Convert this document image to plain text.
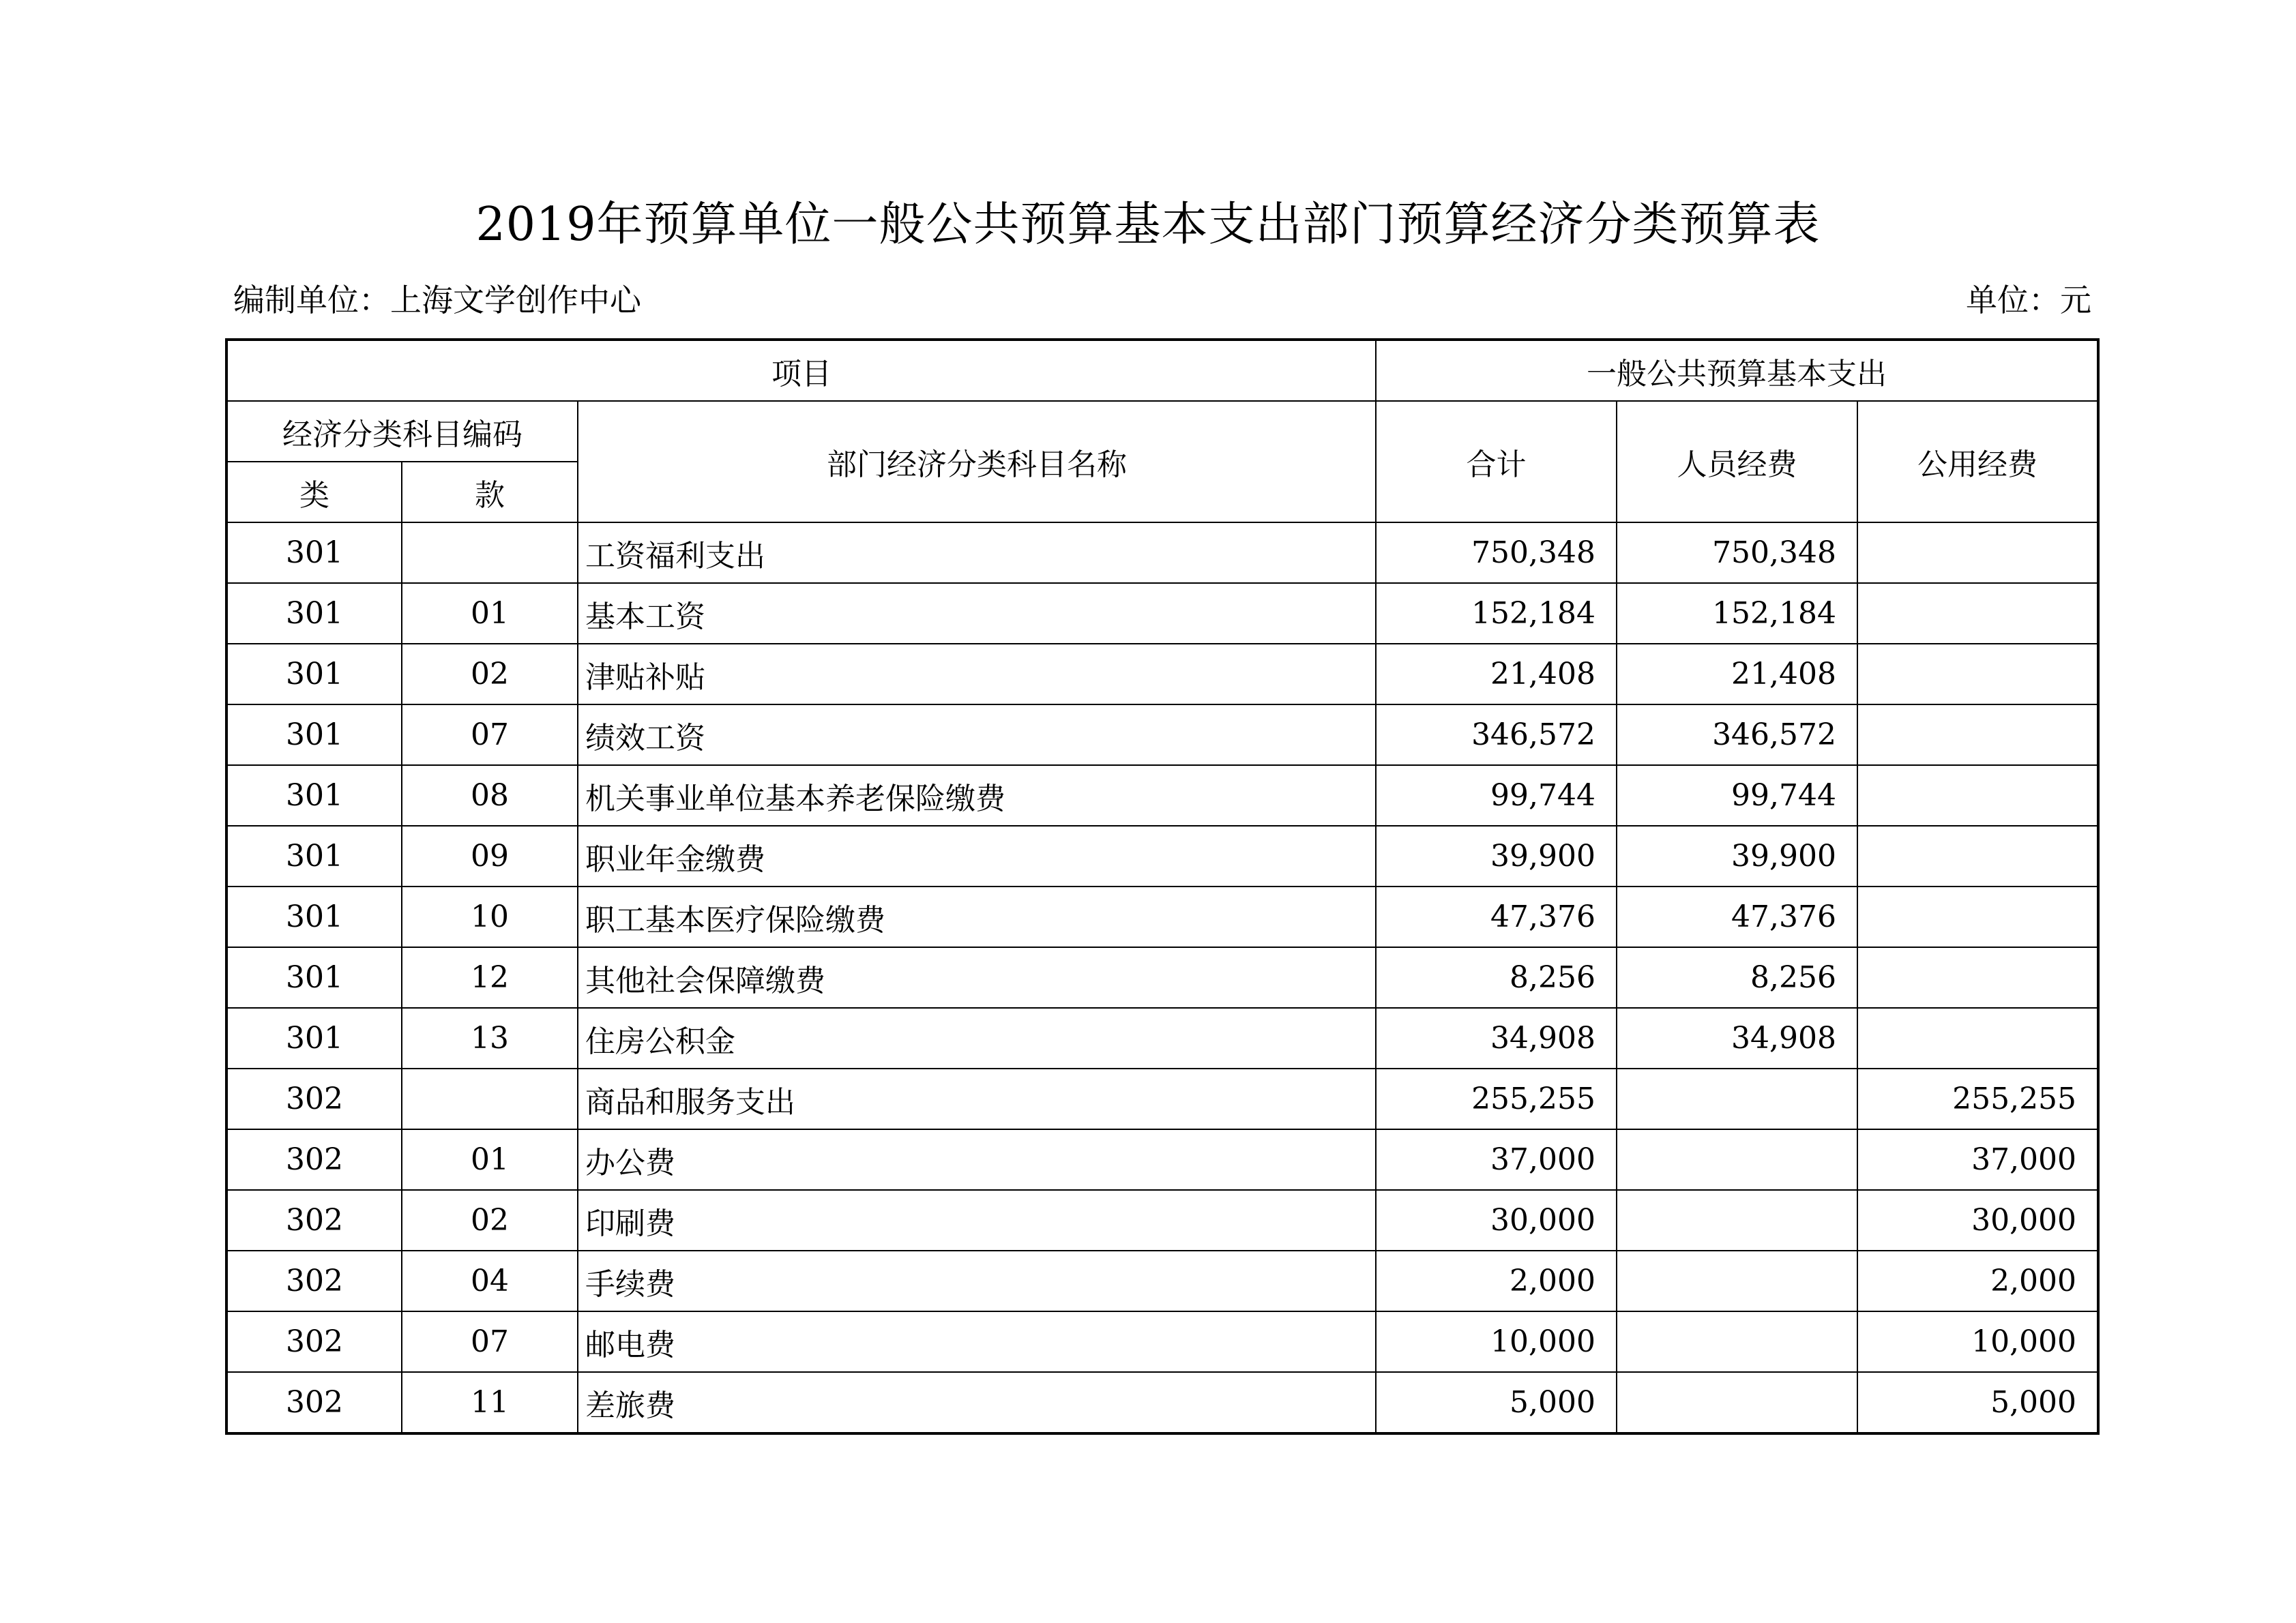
2019年预算单位一般公共预算基本支出部门预算经济分类预算表
编制单位：上海文学创作中心	单位：元
项目			一般公共预算基本支出		
经济分类科目编码		部门经济分类科目名称	合计	人员经费	公用经费
类	款				
301		工资福利支出	750,348	750,348	
301	01	基本工资	152,184	152,184	
301	02	津贴补贴	21,408	21,408	
301	07	绩效工资	346,572	346,572	
301	08	机关事业单位基本养老保险缴费	99,744	99,744	
301	09	职业年金缴费	39,900	39,900	
301	10	职工基本医疗保险缴费	47,376	47,376	
301	12	其他社会保障缴费	8,256	8,256	
301	13	住房公积金	34,908	34,908	
302		商品和服务支出	255,255		255,255
302	01	办公费	37,000		37,000
302	02	印刷费	30,000		30,000
302	04	手续费	2,000		2,000
302	07	邮电费	10,000		10,000
302	11	差旅费	5,000		5,000
